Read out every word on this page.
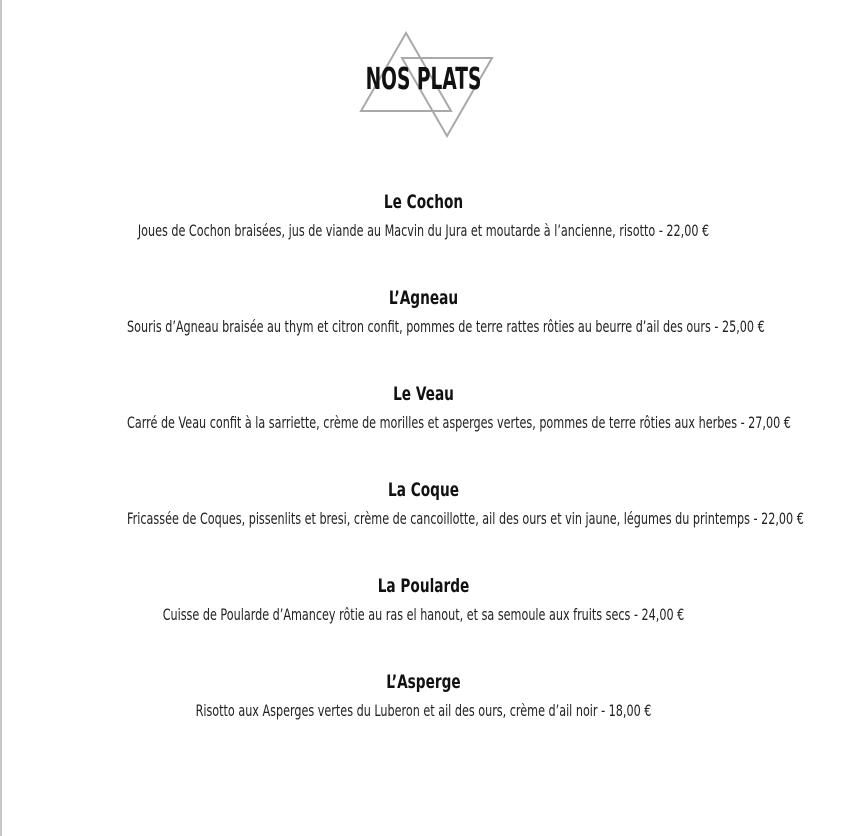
NOS PLATS
Le Cochon
Joues de Cochon braisées, jus de viande au Macvin du Jura et moutarde à l’ancienne, risotto - 22,00 €
L’Agneau
Souris d’Agneau braisée au thym et citron confit, pommes de terre rattes rôties au beurre d’ail des ours - 25,00 €
Le Veau
Carré de Veau confit à la sarriette, crème de morilles et asperges vertes, pommes de terre rôties aux herbes - 27,00 €
La Coque
Fricassée de Coques, pissenlits et bresi, crème de cancoillotte, ail des ours et vin jaune, légumes du printemps - 22,00 €
La Poularde
Cuisse de Poularde d’Amancey rôtie au ras el hanout, et sa semoule aux fruits secs - 24,00 €
L’Asperge
Risotto aux Asperges vertes du Luberon et ail des ours, crème d’ail noir - 18,00 €
